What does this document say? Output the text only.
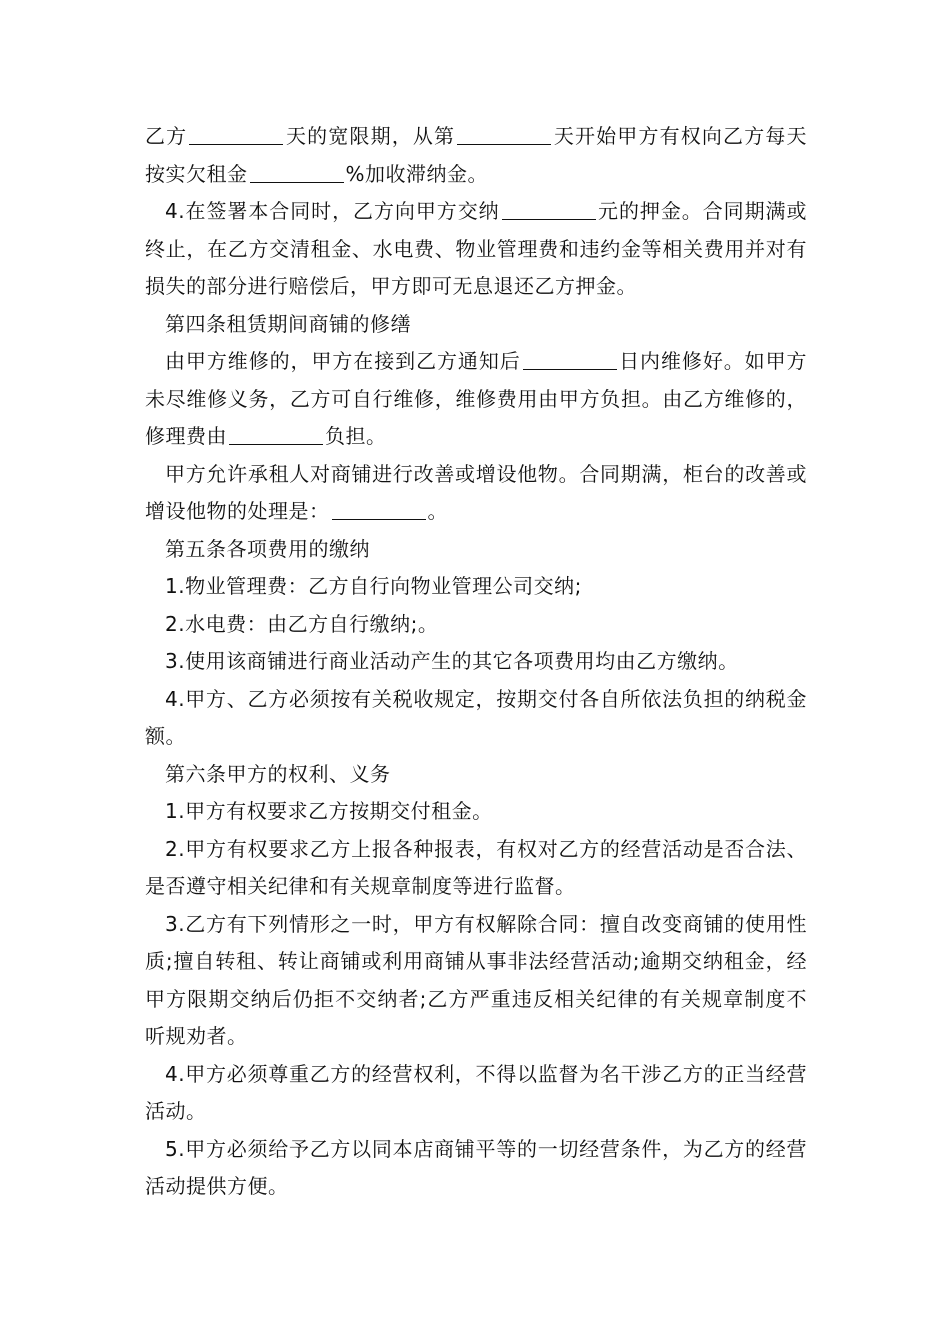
乙方	天的宽限期，从第	天开始甲方有权向乙方每天按实欠租金	%加收滞纳金。

4.在签署本合同时，乙方向甲方交纳	元的押金。合同期满或终止，在乙方交清租金、水电费、物业管理费和违约金等相关费用并对有损失的部分进行赔偿后，甲方即可无息退还乙方押金。

第四条租赁期间商铺的修缮

由甲方维修的，甲方在接到乙方通知后	日内维修好。如甲方未尽维修义务，乙方可自行维修，维修费用由甲方负担。由乙方维修的，修理费由	负担。

甲方允许承租人对商铺进行改善或增设他物。合同期满，柜台的改善或增设他物的处理是：	。

第五条各项费用的缴纳

1.物业管理费：乙方自行向物业管理公司交纳;

2.水电费：由乙方自行缴纳;。

3.使用该商铺进行商业活动产生的其它各项费用均由乙方缴纳。

4.甲方、乙方必须按有关税收规定，按期交付各自所依法负担的纳税金额。

第六条甲方的权利、义务

1.甲方有权要求乙方按期交付租金。

2.甲方有权要求乙方上报各种报表，有权对乙方的经营活动是否合法、是否遵守相关纪律和有关规章制度等进行监督。

3.乙方有下列情形之一时，甲方有权解除合同：擅自改变商铺的使用性质;擅自转租、转让商铺或利用商铺从事非法经营活动;逾期交纳租金，经甲方限期交纳后仍拒不交纳者;乙方严重违反相关纪律的有关规章制度不听规劝者。

4.甲方必须尊重乙方的经营权利，不得以监督为名干涉乙方的正当经营活动。

5.甲方必须给予乙方以同本店商铺平等的一切经营条件，为乙方的经营活动提供方便。
